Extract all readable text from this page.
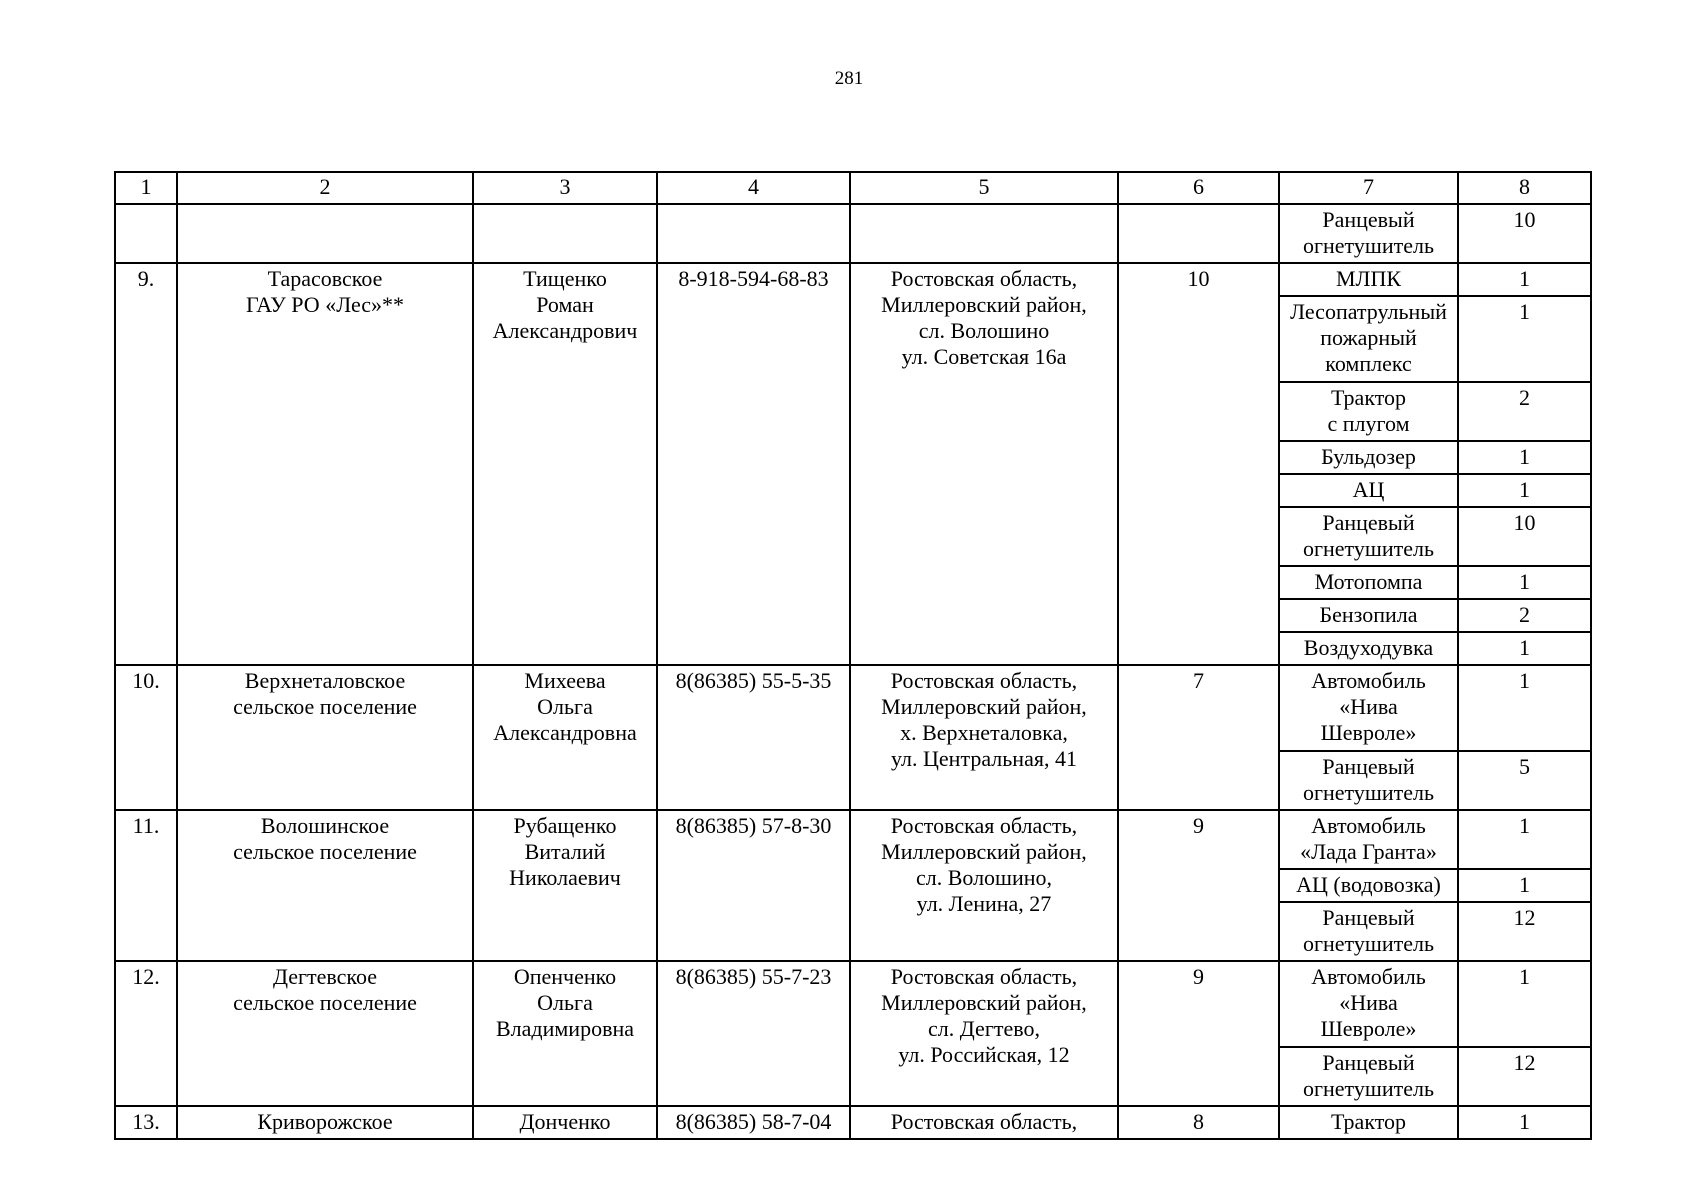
281
1	2	3	4	5	6	7	8
						Ранцевый
огнетушитель	10
9.	Тарасовское
ГАУ РО «Лес»**	Тищенко
Роман
Александрович	8-918-594-68-83	Ростовская область,
Миллеровский район,
сл. Волошино
ул. Советская 16а	10	МЛПК	1
						Лесопатрульный
пожарный
комплекс	1
						Трактор
с плугом	2
						Бульдозер	1
						АЦ	1
						Ранцевый
огнетушитель	10
						Мотопомпа	1
						Бензопила	2
						Воздуходувка	1
10.	Верхнеталовское
сельское поселение	Михеева
Ольга
Александровна	8(86385) 55-5-35	Ростовская область,
Миллеровский район,
х. Верхнеталовка,
ул. Центральная, 41	7	Автомобиль
«Нива
Шевроле»	1
						Ранцевый
огнетушитель	5
11.	Волошинское
сельское поселение	Рубащенко
Виталий
Николаевич	8(86385) 57-8-30	Ростовская область,
Миллеровский район,
сл. Волошино,
ул. Ленина, 27	9	Автомобиль
«Лада Гранта»	1
						АЦ (водовозка)	1
						Ранцевый
огнетушитель	12
12.	Дегтевское
сельское поселение	Опенченко
Ольга
Владимировна	8(86385) 55-7-23	Ростовская область,
Миллеровский район,
сл. Дегтево,
ул. Российская, 12	9	Автомобиль
«Нива
Шевроле»	1
						Ранцевый
огнетушитель	12
13.	Криворожское	Донченко	8(86385) 58-7-04	Ростовская область,	8	Трактор	1
